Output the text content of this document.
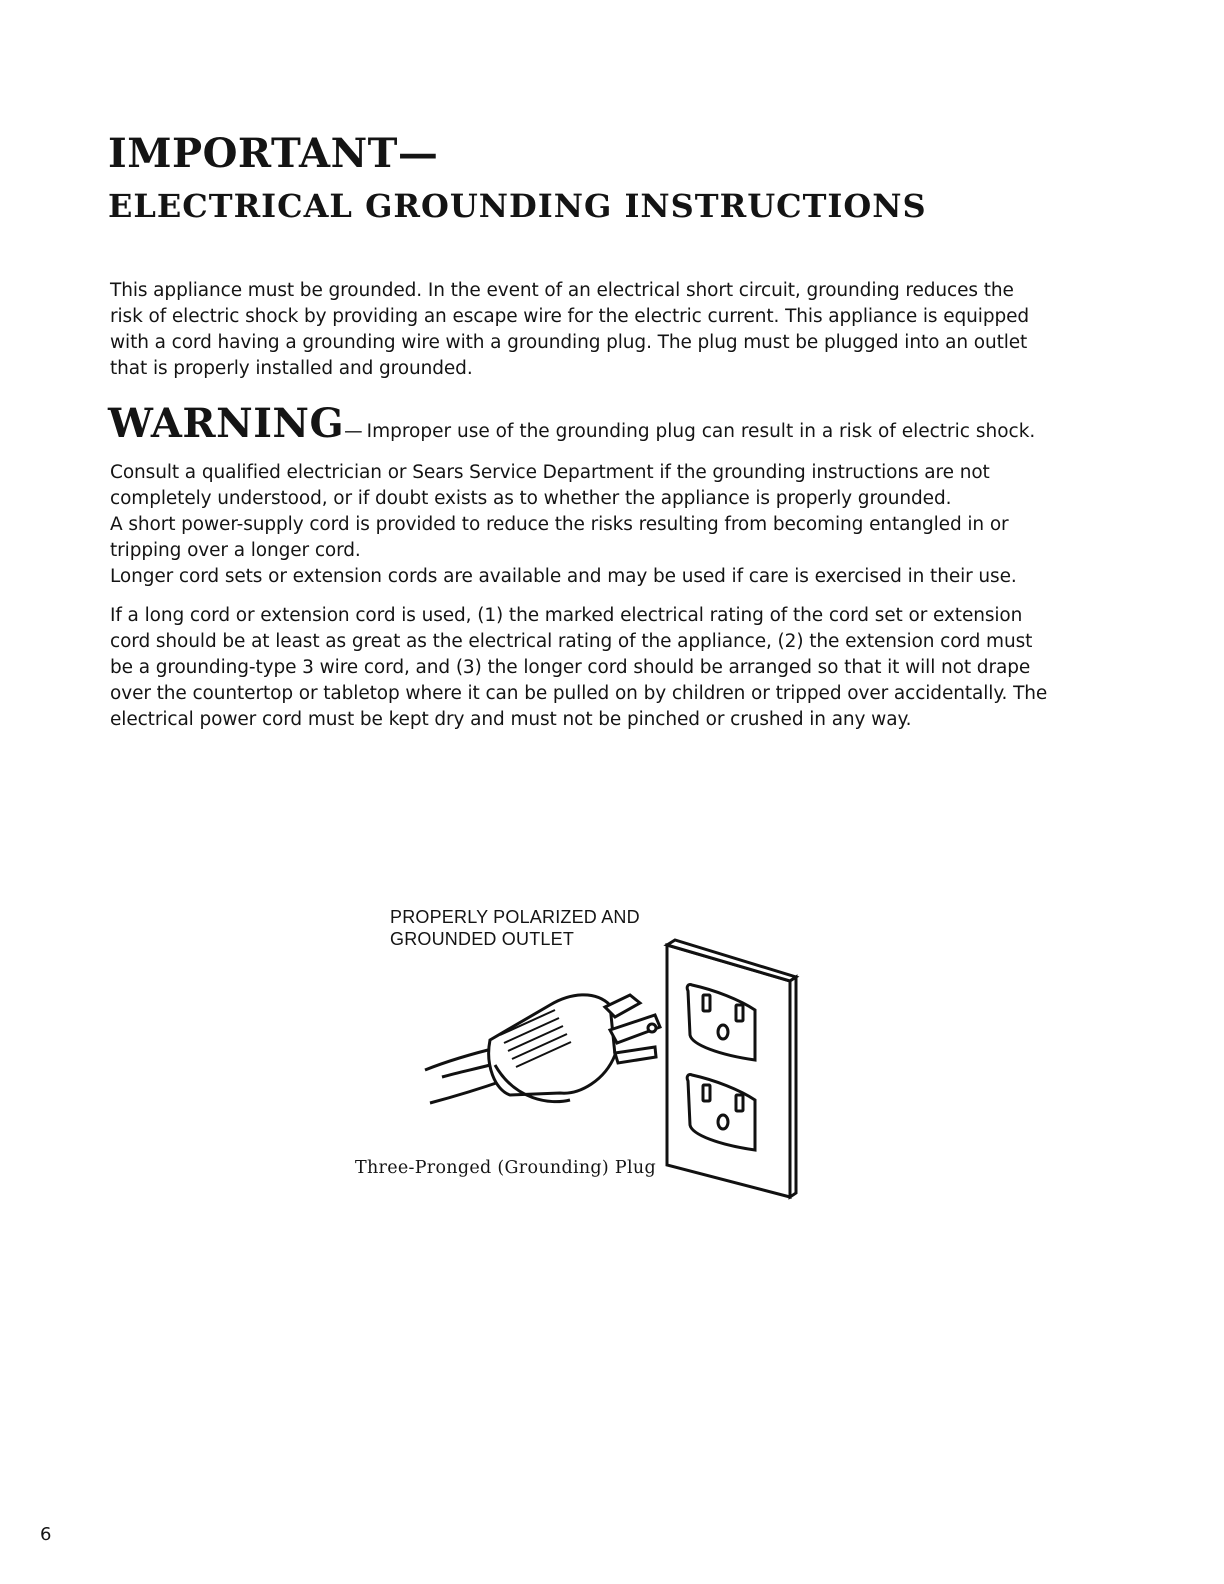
IMPORTANT—
ELECTRICAL GROUNDING INSTRUCTIONS

This appliance must be grounded. In the event of an electrical short circuit, grounding reduces the risk of electric shock by providing an escape wire for the electric current. This appliance is equipped with a cord having a grounding wire with a grounding plug. The plug must be plugged into an outlet that is properly installed and grounded.

WARNING— Improper use of the grounding plug can result in a risk of electric shock.
Consult a qualified electrician or Sears Service Department if the grounding instructions are not completely understood, or if doubt exists as to whether the appliance is properly grounded.
A short power-supply cord is provided to reduce the risks resulting from becoming entangled in or tripping over a longer cord.
Longer cord sets or extension cords are available and may be used if care is exercised in their use.

If a long cord or extension cord is used, (1) the marked electrical rating of the cord set or extension cord should be at least as great as the electrical rating of the appliance, (2) the extension cord must be a grounding-type 3 wire cord, and (3) the longer cord should be arranged so that it will not drape over the countertop or tabletop where it can be pulled on by children or tripped over accidentally. The electrical power cord must be kept dry and must not be pinched or crushed in any way.

PROPERLY POLARIZED AND
GROUNDED OUTLET

Three-Pronged (Grounding) Plug

6
